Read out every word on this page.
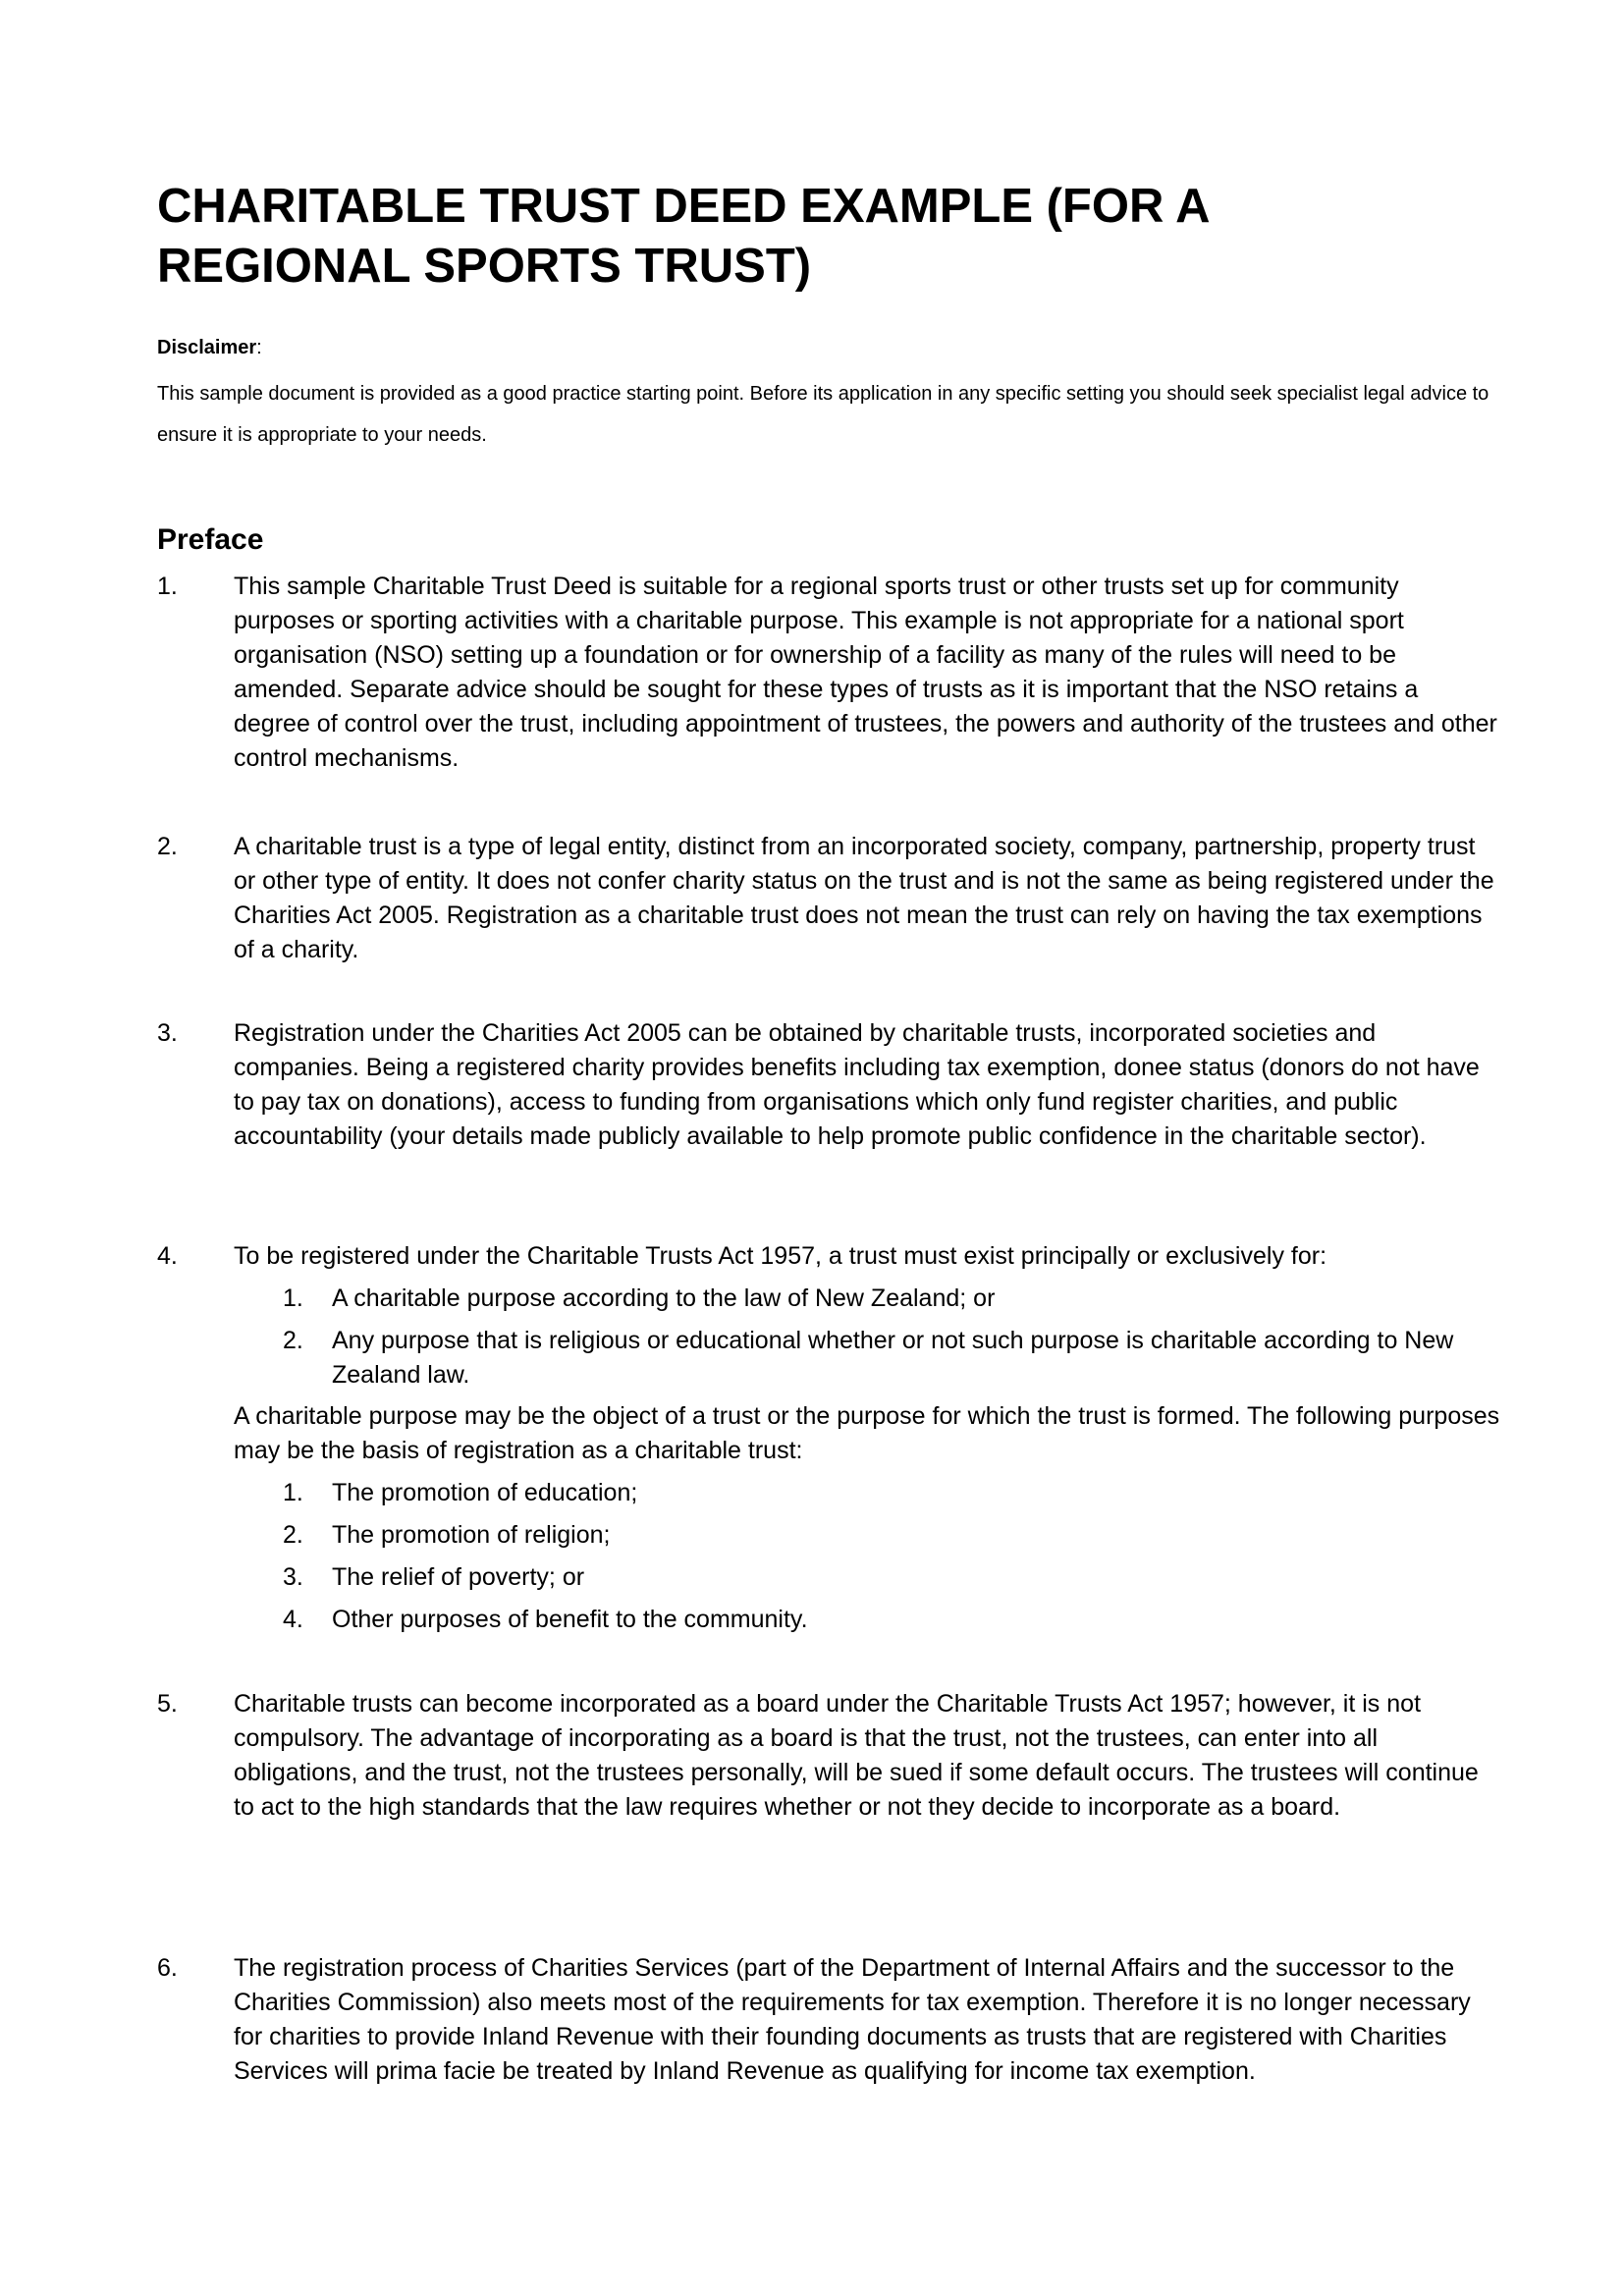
CHARITABLE TRUST DEED EXAMPLE (FOR A REGIONAL SPORTS TRUST)
Disclaimer:
This sample document is provided as a good practice starting point. Before its application in any specific setting you should seek specialist legal advice to ensure it is appropriate to your needs.
Preface
1. This sample Charitable Trust Deed is suitable for a regional sports trust or other trusts set up for community purposes or sporting activities with a charitable purpose. This example is not appropriate for a national sport organisation (NSO) setting up a foundation or for ownership of a facility as many of the rules will need to be amended. Separate advice should be sought for these types of trusts as it is important that the NSO retains a degree of control over the trust, including appointment of trustees, the powers and authority of the trustees and other control mechanisms.
2. A charitable trust is a type of legal entity, distinct from an incorporated society, company, partnership, property trust or other type of entity. It does not confer charity status on the trust and is not the same as being registered under the Charities Act 2005. Registration as a charitable trust does not mean the trust can rely on having the tax exemptions of a charity.
3. Registration under the Charities Act 2005 can be obtained by charitable trusts, incorporated societies and companies. Being a registered charity provides benefits including tax exemption, donee status (donors do not have to pay tax on donations), access to funding from organisations which only fund register charities, and public accountability (your details made publicly available to help promote public confidence in the charitable sector).
4. To be registered under the Charitable Trusts Act 1957, a trust must exist principally or exclusively for:
1. A charitable purpose according to the law of New Zealand; or
2. Any purpose that is religious or educational whether or not such purpose is charitable according to New Zealand law.
A charitable purpose may be the object of a trust or the purpose for which the trust is formed. The following purposes may be the basis of registration as a charitable trust:
1. The promotion of education;
2. The promotion of religion;
3. The relief of poverty; or
4. Other purposes of benefit to the community.
5. Charitable trusts can become incorporated as a board under the Charitable Trusts Act 1957; however, it is not compulsory. The advantage of incorporating as a board is that the trust, not the trustees, can enter into all obligations, and the trust, not the trustees personally, will be sued if some default occurs. The trustees will continue to act to the high standards that the law requires whether or not they decide to incorporate as a board.
6. The registration process of Charities Services (part of the Department of Internal Affairs and the successor to the Charities Commission) also meets most of the requirements for tax exemption. Therefore it is no longer necessary for charities to provide Inland Revenue with their founding documents as trusts that are registered with Charities Services will prima facie be treated by Inland Revenue as qualifying for income tax exemption.
